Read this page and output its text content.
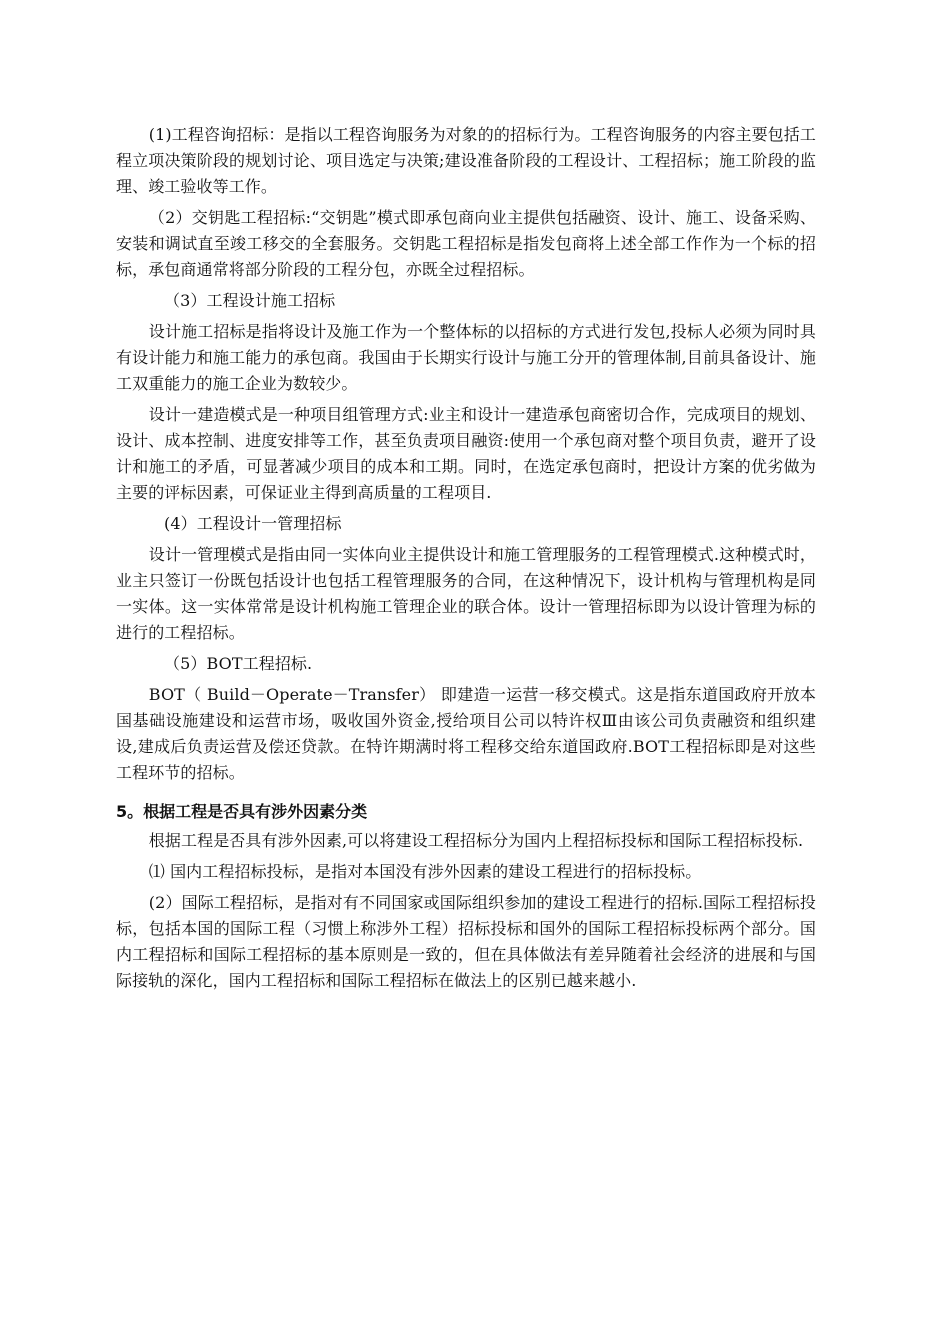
(1)工程咨询招标：是指以工程咨询服务为对象的的招标行为。工程咨询服务的内容主要包括工程立项决策阶段的规划讨论、项目选定与决策;建设准备阶段的工程设计、工程招标；施工阶段的监理、竣工验收等工作。

（2）交钥匙工程招标:“交钥匙”模式即承包商向业主提供包括融资、设计、施工、设备采购、安装和调试直至竣工移交的全套服务。交钥匙工程招标是指发包商将上述全部工作作为一个标的招标，承包商通常将部分阶段的工程分包，亦既全过程招标。

（3）工程设计施工招标

设计施工招标是指将设计及施工作为一个整体标的以招标的方式进行发包,投标人必须为同时具有设计能力和施工能力的承包商。我国由于长期实行设计与施工分开的管理体制,目前具备设计、施工双重能力的施工企业为数较少。

设计一建造模式是一种项目组管理方式:业主和设计一建造承包商密切合作，完成项目的规划、设计、成本控制、进度安排等工作，甚至负责项目融资:使用一个承包商对整个项目负责，避开了设计和施工的矛盾，可显著减少项目的成本和工期。同时，在选定承包商时，把设计方案的优劣做为主要的评标因素，可保证业主得到高质量的工程项目.

(4）工程设计一管理招标

设计一管理模式是指由同一实体向业主提供设计和施工管理服务的工程管理模式.这种模式时，业主只签订一份既包括设计也包括工程管理服务的合同，在这种情况下，设计机构与管理机构是同一实体。这一实体常常是设计机构施工管理企业的联合体。设计一管理招标即为以设计管理为标的进行的工程招标。

（5）BOT工程招标.

BOT（ Build－Operate－Transfer） 即建造一运营一移交模式。这是指东道国政府开放本国基础设施建设和运营市场，吸收国外资金,授给项目公司以特许权Ⅲ由该公司负责融资和组织建设,建成后负责运营及偿还贷款。在特许期满时将工程移交给东道国政府.BOT工程招标即是对这些工程环节的招标。

5。根据工程是否具有涉外因素分类

根据工程是否具有涉外因素,可以将建设工程招标分为国内上程招标投标和国际工程招标投标.

⑴ 国内工程招标投标，是指对本国没有涉外因素的建设工程进行的招标投标。

(2）国际工程招标，是指对有不同国家或国际组织参加的建设工程进行的招标.国际工程招标投标，包括本国的国际工程（习惯上称涉外工程）招标投标和国外的国际工程招标投标两个部分。国内工程招标和国际工程招标的基本原则是一致的，但在具体做法有差异随着社会经济的进展和与国际接轨的深化，国内工程招标和国际工程招标在做法上的区别已越来越小.
